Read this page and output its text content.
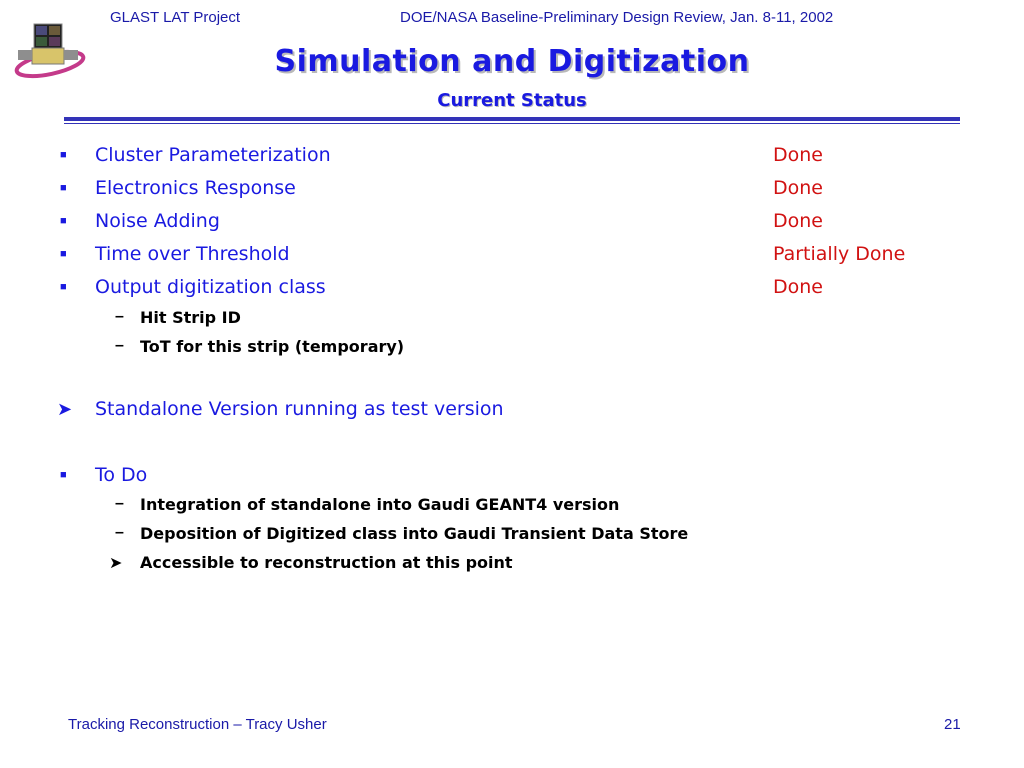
GLAST LAT Project	DOE/NASA Baseline-Preliminary Design Review, Jan. 8-11, 2002
Simulation and Digitization
Current Status
■ Cluster Parameterization	Done
■ Electronics Response	Done
■ Noise Adding	Done
■ Time over Threshold	Partially Done
■ Output digitization class	Done
– Hit Strip ID
– ToT for this strip (temporary)
➤ Standalone Version running as test version
■ To Do
– Integration of standalone into Gaudi GEANT4 version
– Deposition of Digitized class into Gaudi Transient Data Store
➤ Accessible to reconstruction at this point
Tracking Reconstruction – Tracy Usher	21
